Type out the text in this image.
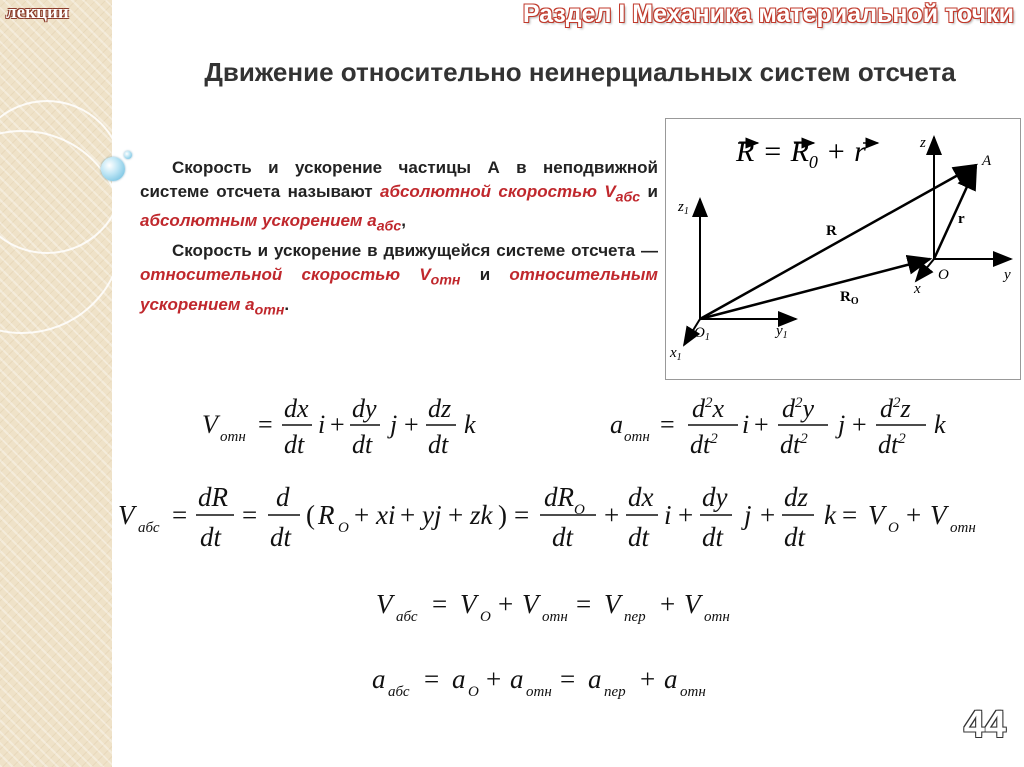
лекции	Раздел I Механика материальной точки
Движение относительно неинерциальных систем отсчета

Скорость и ускорение частицы А в неподвижной системе отсчета называют абсолютной скоростью $V_{абс}$ и абсолютным ускорением $а_{абс}$,

Скорость и ускорение в движущейся системе отсчета — относительной скоростью $V_{отн}$ и относительным ускорением $а_{отн}$.

$R = R_0 + r$
$z_1$
z
A
R
r
O	y
x
$R_O$
$O_1$	$y_1$
$x_1$
V отн =
dx
dt
i +
dy
dt
j +
dz
dt
k	a отн =
$d^2x$
$dt^2$ i +
$d^2y$
$dt^2$ j +
$d^2z$
$dt^2$ k
V абс =
dR
dt
=
d
dt
( R O + xi + yj + zk ) =
$dR_O$
dt
+
dx
dt
i +
dy
dt
j +
dz
dt
k = V O + V отн
V абс = V O + V отн = V пер + V отн
a абс = a O + a отн = a пер + a отн
44
